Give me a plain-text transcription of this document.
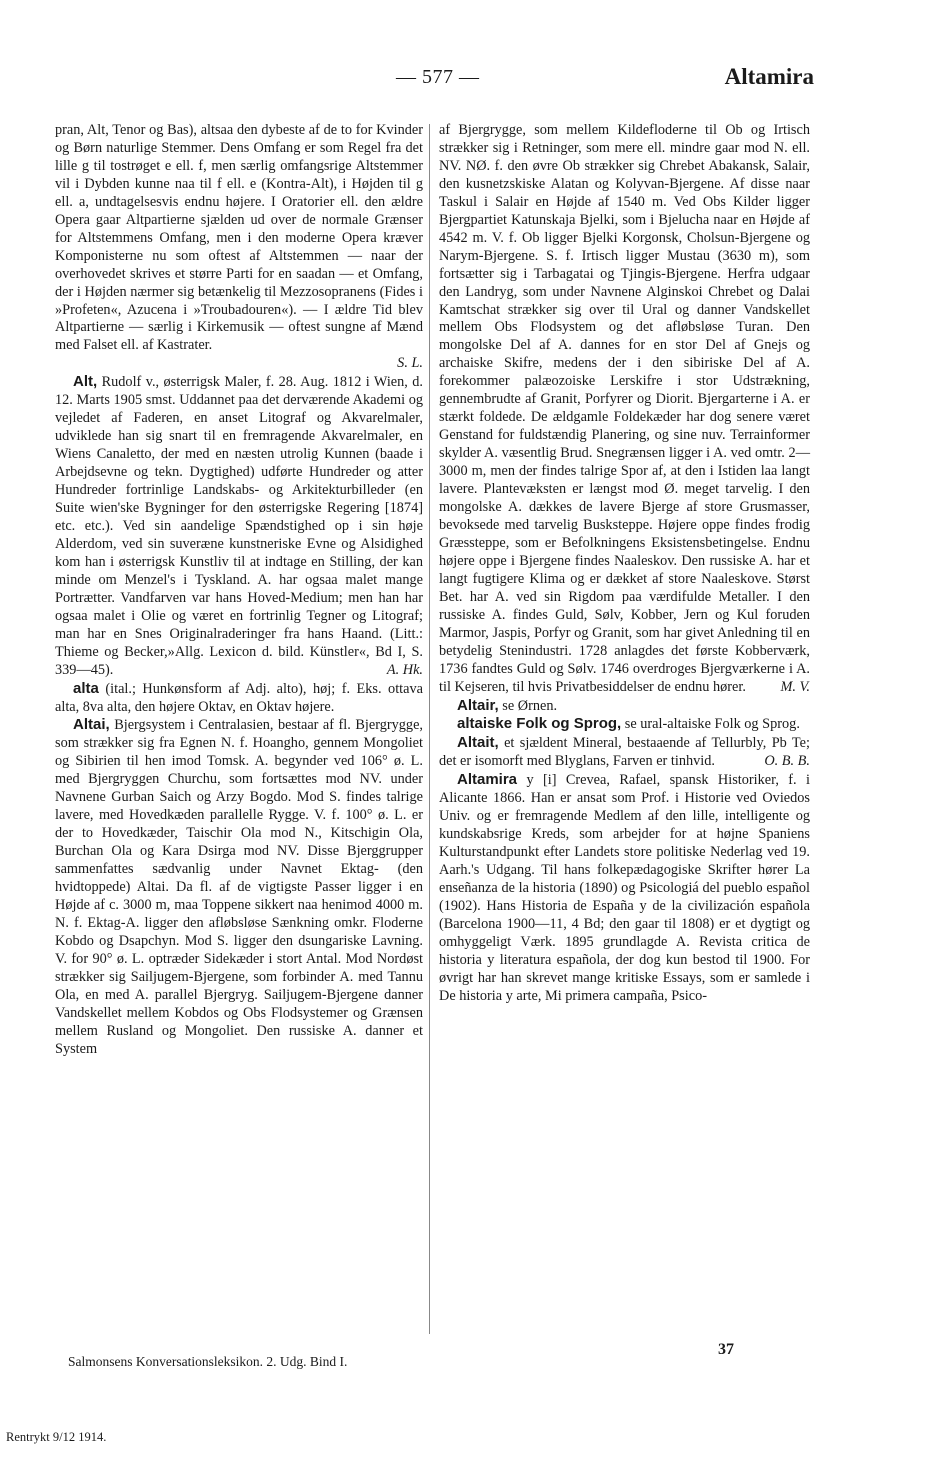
— 577 —	Altamira

pran, Alt, Tenor og Bas), altsaa den dybeste af de to for Kvinder og Børn naturlige Stemmer. Dens Omfang er som Regel fra det lille g til tostrøget e ell. f, men særlig omfangsrige Altstemmer vil i Dybden kunne naa til f ell. e (Kontra-Alt), i Højden til g ell. a, undtagelsesvis endnu højere. I Oratorier ell. den ældre Opera gaar Altpartierne sjælden ud over de normale Grænser for Altstemmens Omfang, men i den moderne Opera kræver Komponisterne nu som oftest af Altstemmen — naar der overhovedet skrives et større Parti for en saadan — et Omfang, der i Højden nærmer sig betænkelig til Mezzosopranens (Fides i »Profeten«, Azucena i »Troubadouren«). — I ældre Tid blev Altpartierne — særlig i Kirkemusik — oftest sungne af Mænd med Falset ell. af Kastrater.

S. L.

Alt, Rudolf v., østerrigsk Maler, f. 28. Aug. 1812 i Wien, d. 12. Marts 1905 smst. Uddannet paa det derværende Akademi og vejledet af Faderen, en anset Litograf og Akvarelmaler, udviklede han sig snart til en fremragende Akvarelmaler, en Wiens Canaletto, der med en næsten utrolig Kunnen (baade i Arbejdsevne og tekn. Dygtighed) udførte Hundreder og atter Hundreder fortrinlige Landskabs- og Arkitekturbilleder (en Suite wien'ske Bygninger for den østerrigske Regering [1874] etc. etc.). Ved sin aandelige Spændstighed op i sin høje Alderdom, ved sin suveræne kunstneriske Evne og Alsidighed kom han i østerrigsk Kunstliv til at indtage en Stilling, der kan minde om Menzel's i Tyskland. A. har ogsaa malet mange Portrætter. Vandfarven var hans Hoved-Medium; men han har ogsaa malet i Olie og været en fortrinlig Tegner og Litograf; man har en Snes Originalraderinger fra hans Haand. (Litt.: Thieme og Becker,»Allg. Lexicon d. bild. Künstler«, Bd I, S. 339—45).	A. Hk.

alta (ital.; Hunkønsform af Adj. alto), høj; f. Eks. ottava alta, 8va alta, den højere Oktav, en Oktav højere.

Altai, Bjergsystem i Centralasien, bestaar af fl. Bjergrygge, som strækker sig fra Egnen N. f. Hoangho, gennem Mongoliet og Sibirien til hen imod Tomsk. A. begynder ved 106° ø. L. med Bjergryggen Churchu, som fortsættes mod NV. under Navnene Gurban Saich og Arzy Bogdo. Mod S. findes talrige lavere, med Hovedkæden parallelle Rygge. V. f. 100° ø. L. er der to Hovedkæder, Taischir Ola mod N., Kitschigin Ola, Burchan Ola og Kara Dsirga mod NV. Disse Bjerggrupper sammenfattes sædvanlig under Navnet Ektag- (den hvidtoppede) Altai. Da fl. af de vigtigste Passer ligger i en Højde af c. 3000 m, maa Toppene sikkert naa henimod 4000 m. N. f. Ektag-A. ligger den afløbsløse Sænkning omkr. Floderne Kobdo og Dsapchyn. Mod S. ligger den dsungariske Lavning. V. for 90° ø. L. optræder Sidekæder i stort Antal. Mod Nordøst strækker sig Sailjugem-Bjergene, som forbinder A. med Tannu Ola, en med A. parallel Bjergryg. Sailjugem-Bjergene danner Vandskellet mellem Kobdos og Obs Flodsystemer og Grænsen mellem Rusland og Mongoliet. Den russiske A. danner et System

af Bjergrygge, som mellem Kildefloderne til Ob og Irtisch strækker sig i Retninger, som mere ell. mindre gaar mod N. ell. NV. NØ. f. den øvre Ob strækker sig Chrebet Abakansk, Salair, den kusnetzskiske Alatan og Kolyvan-Bjergene. Af disse naar Taskul i Salair en Højde af 1540 m. Ved Obs Kilder ligger Bjergpartiet Katunskaja Bjelki, som i Bjelucha naar en Højde af 4542 m. V. f. Ob ligger Bjelki Korgonsk, Cholsun-Bjergene og Narym-Bjergene. S. f. Irtisch ligger Mustau (3630 m), som fortsætter sig i Tarbagatai og Tjingis-Bjergene. Herfra udgaar den Landryg, som under Navnene Alginskoi Chrebet og Dalai Kamtschat strækker sig over til Ural og danner Vandskellet mellem Obs Flodsystem og det afløbsløse Turan. Den mongolske Del af A. dannes for en stor Del af Gnejs og archaiske Skifre, medens der i den sibiriske Del af A. forekommer palæozoiske Lerskifre i stor Udstrækning, gennembrudte af Granit, Porfyrer og Diorit. Bjergarterne i A. er stærkt foldede. De ældgamle Foldekæder har dog senere været Genstand for fuldstændig Planering, og sine nuv. Terrainformer skylder A. væsentlig Brud. Snegrænsen ligger i A. ved omtr. 2—3000 m, men der findes talrige Spor af, at den i Istiden laa langt lavere. Plantevæksten er længst mod Ø. meget tarvelig. I den mongolske A. dækkes de lavere Bjerge af store Grusmasser, bevoksede med tarvelig Busksteppe. Højere oppe findes frodig Græssteppe, som er Befolkningens Eksistensbetingelse. Endnu højere oppe i Bjergene findes Naaleskov. Den russiske A. har et langt fugtigere Klima og er dækket af store Naaleskove. Størst Bet. har A. ved sin Rigdom paa værdifulde Metaller. I den russiske A. findes Guld, Sølv, Kobber, Jern og Kul foruden Marmor, Jaspis, Porfyr og Granit, som har givet Anledning til en betydelig Stenindustri. 1728 anlagdes det første Kobberværk, 1736 fandtes Guld og Sølv. 1746 overdroges Bjergværkerne i A. til Kejseren, til hvis Privatbesiddelser de endnu hører. M. V.

Altair, se Ørnen.

altaiske Folk og Sprog, se ural-altaiske Folk og Sprog.

Altait, et sjældent Mineral, bestaaende af Tellurbly, Pb Te; det er isomorft med Blyglans, Farven er tinhvid.	O. B. B.

Altamira y [i] Crevea, Rafael, spansk Historiker, f. i Alicante 1866. Han er ansat som Prof. i Historie ved Oviedos Univ. og er fremragende Medlem af den lille, intelligente og kundskabsrige Kreds, som arbejder for at højne Spaniens Kulturstandpunkt efter Landets store politiske Nederlag ved 19. Aarh.'s Udgang. Til hans folkepædagogiske Skrifter hører La enseñanza de la historia (1890) og Psicologiá del pueblo español (1902). Hans Historia de España y de la civilización española (Barcelona 1900—11, 4 Bd; den gaar til 1808) er et dygtigt og omhyggeligt Værk. 1895 grundlagde A. Revista critica de historia y literatura española, der dog kun bestod til 1900. For øvrigt har han skrevet mange kritiske Essays, som er samlede i De historia y arte, Mi primera campaña, Psico-

Salmonsens Konversationsleksikon. 2. Udg. Bind I.
37
Rentrykt 9/12 1914.
